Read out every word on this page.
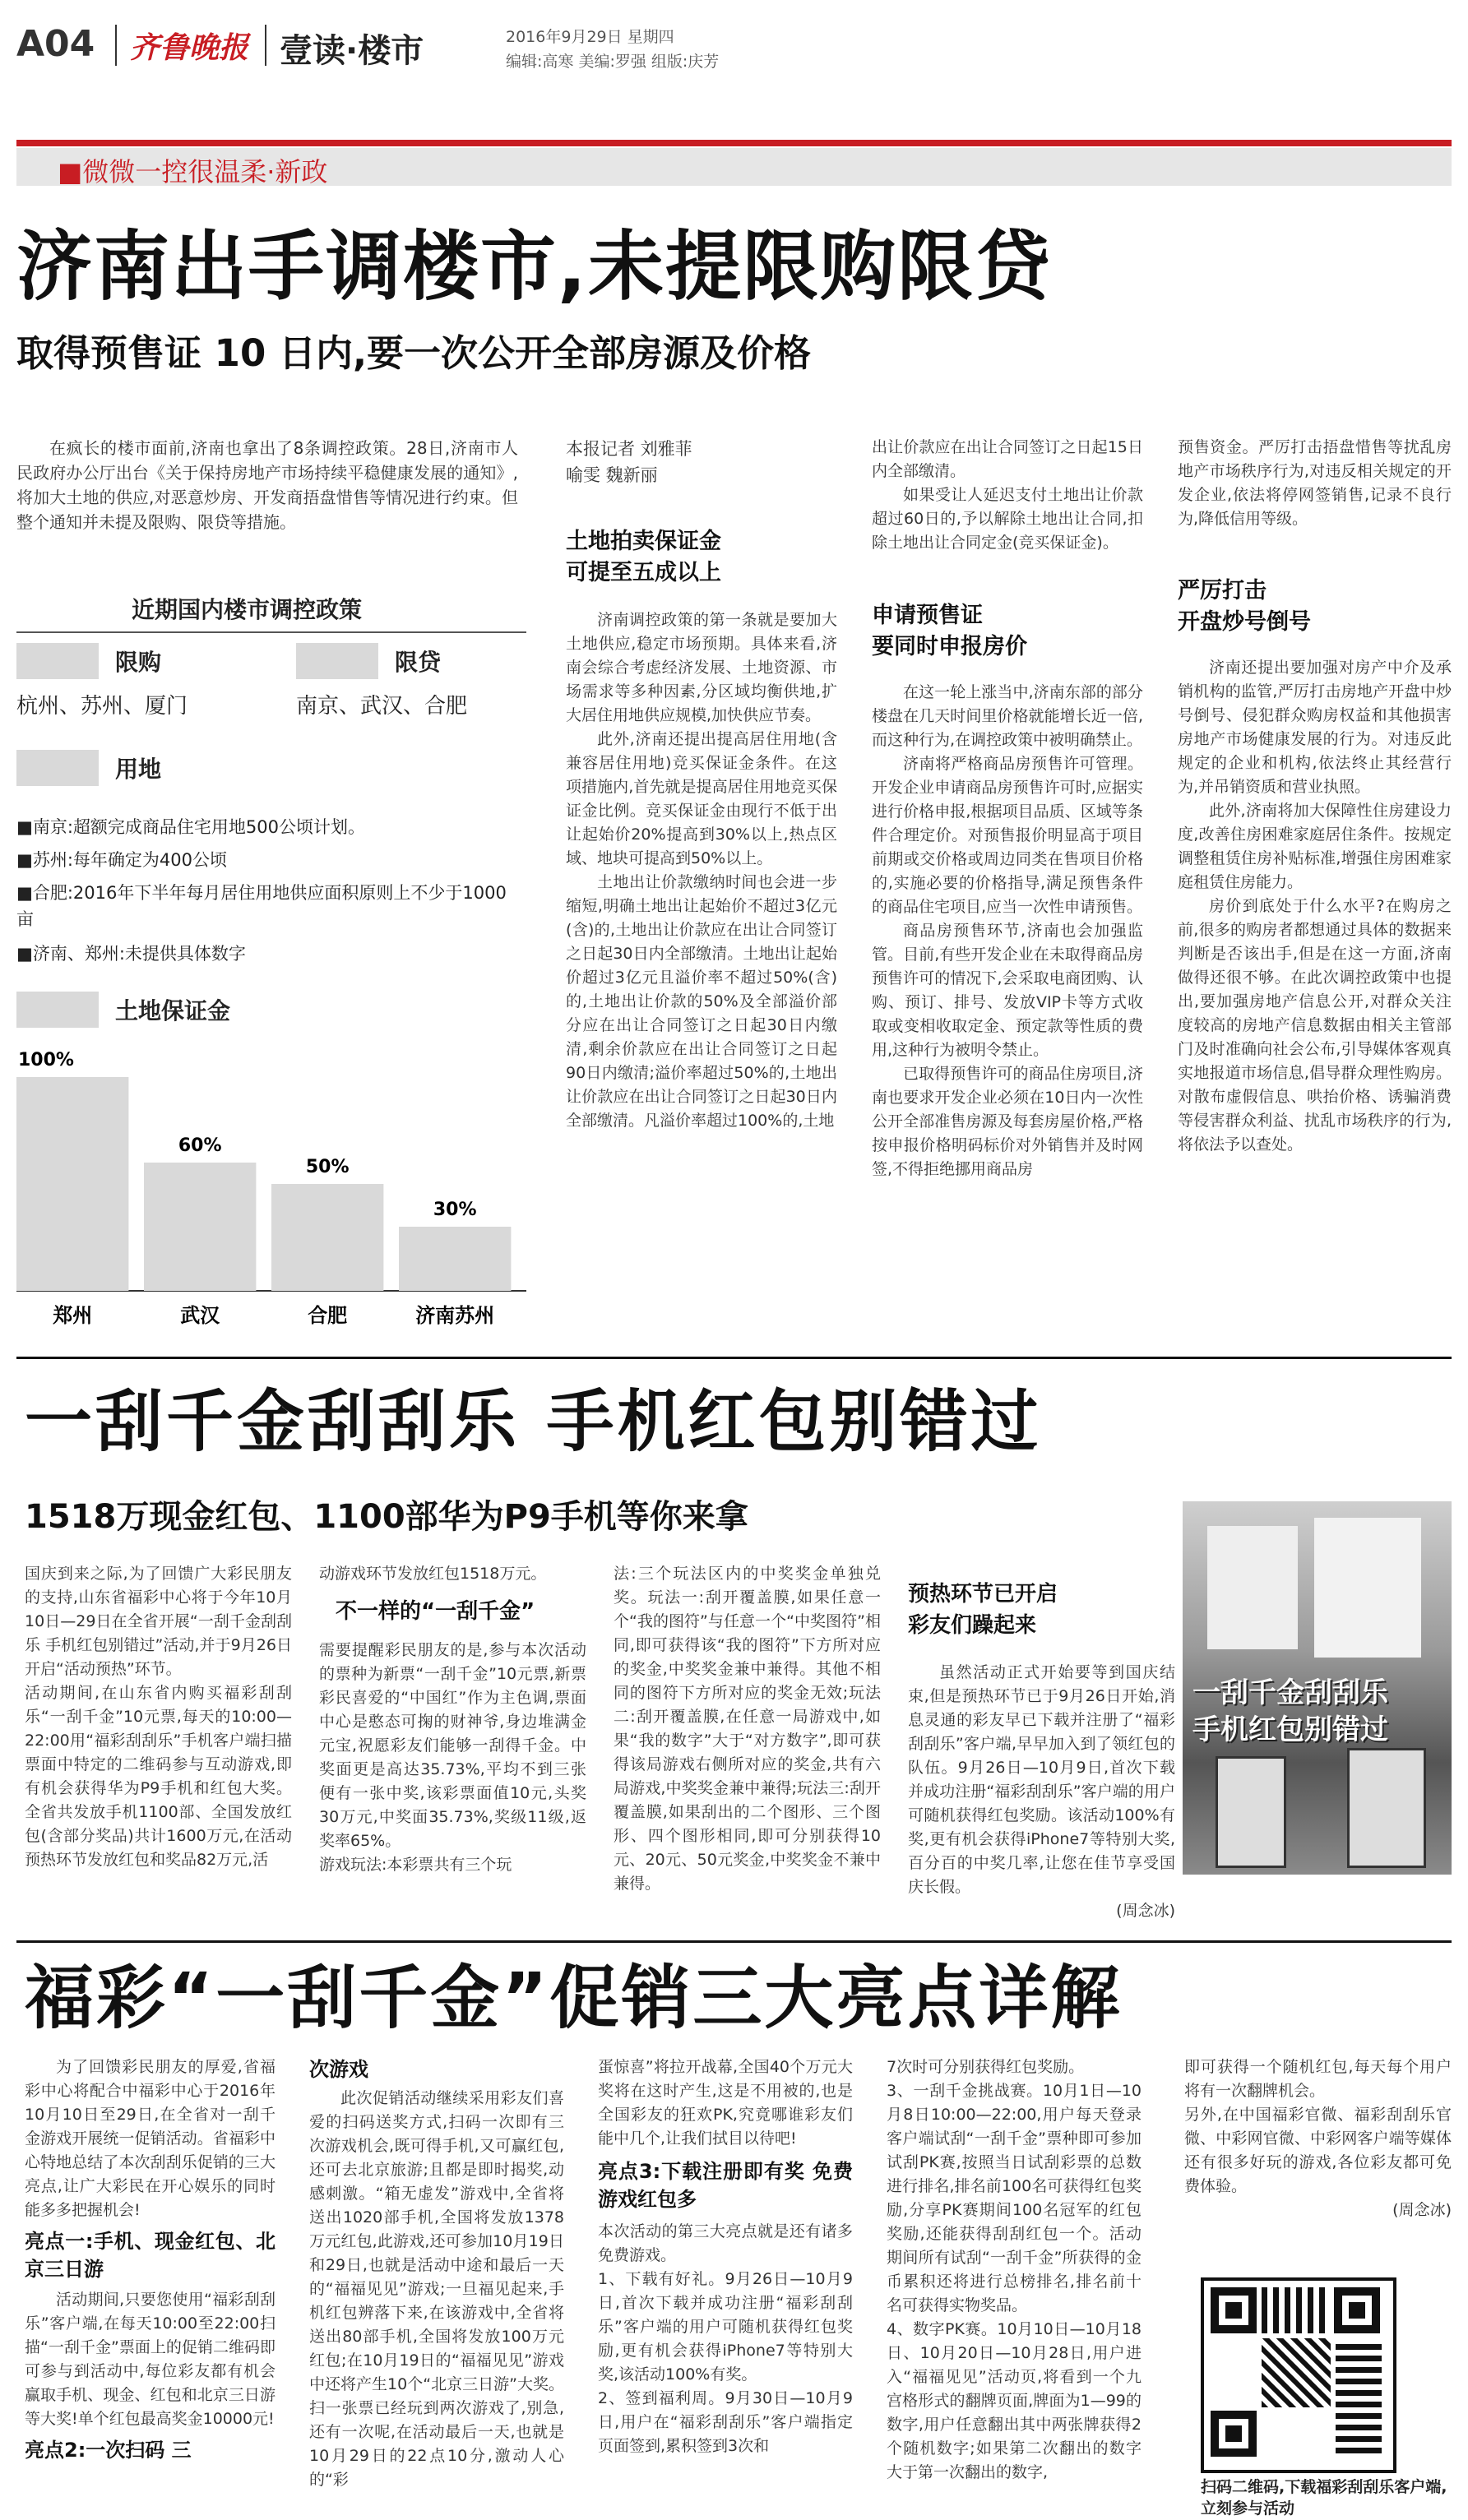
A04 齐鲁晚报 壹读·楼市	2016年9月29日 星期四
编辑:高寒 美编:罗强 组版:庆芳
■微微一控很温柔·新政
济南出手调楼市,未提限购限贷
取得预售证 10 日内,要一次公开全部房源及价格
在疯长的楼市面前,济南也拿出了8条调控政策。28日,济南市人民政府办公厅出台《关于保持房地产市场持续平稳健康发展的通知》,将加大土地的供应,对恶意炒房、开发商捂盘惜售等情况进行约束。但整个通知并未提及限购、限贷等措施。
近期国内楼市调控政策
限购
杭州、苏州、厦门
限贷
南京、武汉、合肥
用地
■南京:超额完成商品住宅用地500公顷计划。
■苏州:每年确定为400公顷
■合肥:2016年下半年每月居住用地供应面积原则上不少于1000亩
■济南、郑州:未提供具体数字
土地保证金
100%
郑州
60%
武汉
50%
合肥
30%
济南苏州
本报记者 刘雅菲
喻雯 魏新丽
土地拍卖保证金
可提至五成以上

济南调控政策的第一条就是要加大土地供应,稳定市场预期。具体来看,济南会综合考虑经济发展、土地资源、市场需求等多种因素,分区域均衡供地,扩大居住用地供应规模,加快供应节奏。

此外,济南还提出提高居住用地(含兼容居住用地)竞买保证金条件。在这项措施内,首先就是提高居住用地竞买保证金比例。竞买保证金由现行不低于出让起始价20%提高到30%以上,热点区域、地块可提高到50%以上。

土地出让价款缴纳时间也会进一步缩短,明确土地出让起始价不超过3亿元(含)的,土地出让价款应在出让合同签订之日起30日内全部缴清。土地出让起始价超过3亿元且溢价率不超过50%(含)的,土地出让价款的50%及全部溢价部分应在出让合同签订之日起30日内缴清,剩余价款应在出让合同签订之日起90日内缴清;溢价率超过50%的,土地出让价款应在出让合同签订之日起30日内全部缴清。凡溢价率超过100%的,土地

出让价款应在出让合同签订之日起15日内全部缴清。

如果受让人延迟支付土地出让价款超过60日的,予以解除土地出让合同,扣除土地出让合同定金(竞买保证金)。

申请预售证
要同时申报房价

在这一轮上涨当中,济南东部的部分楼盘在几天时间里价格就能增长近一倍,而这种行为,在调控政策中被明确禁止。

济南将严格商品房预售许可管理。开发企业申请商品房预售许可时,应据实进行价格申报,根据项目品质、区域等条件合理定价。对预售报价明显高于项目前期或交价格或周边同类在售项目价格的,实施必要的价格指导,满足预售条件的商品住宅项目,应当一次性申请预售。

商品房预售环节,济南也会加强监管。目前,有些开发企业在未取得商品房预售许可的情况下,会采取电商团购、认购、预订、排号、发放VIP卡等方式收取或变相收取定金、预定款等性质的费用,这种行为被明令禁止。

已取得预售许可的商品住房项目,济南也要求开发企业必须在10日内一次性公开全部准售房源及每套房屋价格,严格按申报价格明码标价对外销售并及时网签,不得拒绝挪用商品房

预售资金。严厉打击捂盘惜售等扰乱房地产市场秩序行为,对违反相关规定的开发企业,依法将停网签销售,记录不良行为,降低信用等级。

严厉打击
开盘炒号倒号

济南还提出要加强对房产中介及承销机构的监管,严厉打击房地产开盘中炒号倒号、侵犯群众购房权益和其他损害房地产市场健康发展的行为。对违反此规定的企业和机构,依法终止其经营行为,并吊销资质和营业执照。

此外,济南将加大保障性住房建设力度,改善住房困难家庭居住条件。按规定调整租赁住房补贴标准,增强住房困难家庭租赁住房能力。

房价到底处于什么水平?在购房之前,很多的购房者都想通过具体的数据来判断是否该出手,但是在这一方面,济南做得还很不够。在此次调控政策中也提出,要加强房地产信息公开,对群众关注度较高的房地产信息数据由相关主管部门及时准确向社会公布,引导媒体客观真实地报道市场信息,倡导群众理性购房。对散布虚假信息、哄抬价格、诱骗消费等侵害群众利益、扰乱市场秩序的行为,将依法予以查处。

一刮千金刮刮乐 手机红包别错过
1518万现金红包、1100部华为P9手机等你来拿
国庆到来之际,为了回馈广大彩民朋友的支持,山东省福彩中心将于今年10月10日—29日在全省开展“一刮千金刮刮乐 手机红包别错过”活动,并于9月26日开启“活动预热”环节。
活动期间,在山东省内购买福彩刮刮乐“一刮千金”10元票,每天的10:00—22:00用“福彩刮刮乐”手机客户端扫描票面中特定的二维码参与互动游戏,即有机会获得华为P9手机和红包大奖。全省共发放手机1100部、全国发放红包(含部分奖品)共计1600万元,在活动预热环节发放红包和奖品82万元,活

动游戏环节发放红包1518万元。

不一样的“一刮千金”

需要提醒彩民朋友的是,参与本次活动的票种为新票“一刮千金”10元票,新票彩民喜爱的“中国红”作为主色调,票面中心是憨态可掬的财神爷,身边堆满金元宝,祝愿彩友们能够一刮得千金。中奖面更是高达35.73%,平均不到三张便有一张中奖,该彩票面值10元,头奖30万元,中奖面35.73%,奖级11级,返奖率65%。
游戏玩法:本彩票共有三个玩

法:三个玩法区内的中奖奖金单独兑奖。玩法一:刮开覆盖膜,如果任意一个“我的图符”与任意一个“中奖图符”相同,即可获得该“我的图符”下方所对应的奖金,中奖奖金兼中兼得。其他不相同的图符下方所对应的奖金无效;玩法二:刮开覆盖膜,在任意一局游戏中,如果“我的数字”大于“对方数字”,即可获得该局游戏右侧所对应的奖金,共有六局游戏,中奖奖金兼中兼得;玩法三:刮开覆盖膜,如果刮出的二个图形、三个图形、四个图形相同,即可分别获得10元、20元、50元奖金,中奖奖金不兼中兼得。
预热环节已开启
彩友们躁起来

虽然活动正式开始要等到国庆结束,但是预热环节已于9月26日开始,消息灵通的彩友早已下载并注册了“福彩刮刮乐”客户端,早早加入到了领红包的队伍。9月26日—10月9日,首次下载并成功注册“福彩刮刮乐”客户端的用户可随机获得红包奖励。该活动100%有奖,更有机会获得iPhone7等特别大奖,百分百的中奖几率,让您在佳节享受国庆长假。

(周念冰)

一刮千金刮刮乐
手机红包别错过
福彩“一刮千金”促销三大亮点详解

为了回馈彩民朋友的厚爱,省福彩中心将配合中福彩中心于2016年10月10日至29日,在全省对一刮千金游戏开展统一促销活动。省福彩中心特地总结了本次刮刮乐促销的三大亮点,让广大彩民在开心娱乐的同时能多多把握机会!

亮点一:手机、现金红包、北京三日游

活动期间,只要您使用“福彩刮刮乐”客户端,在每天10:00至22:00扫描“一刮千金”票面上的促销二维码即可参与到活动中,每位彩友都有机会赢取手机、现金、红包和北京三日游等大奖!单个红包最高奖金10000元!

亮点2:一次扫码 三

次游戏

此次促销活动继续采用彩友们喜爱的扫码送奖方式,扫码一次即有三次游戏机会,既可得手机,又可赢红包,还可去北京旅游;且都是即时揭奖,动感刺激。“箱无虚发”游戏中,全省将送出1020部手机,全国将发放1378万元红包,此游戏,还可参加10月19日和29日,也就是活动中途和最后一天的“福福见见”游戏;一旦福见起来,手机红包辨落下来,在该游戏中,全省将送出80部手机,全国将发放100万元红包;在10月19日的“福福见见”游戏中还将产生10个“北京三日游”大奖。扫一张票已经玩到两次游戏了,别急,还有一次呢,在活动最后一天,也就是10月29日的22点10分,激动人心的“彩

蛋惊喜”将拉开战幕,全国40个万元大奖将在这时产生,这是不用被的,也是全国彩友的狂欢PK,究竟哪谁彩友们能中几个,让我们拭目以待吧!

亮点3:下载注册即有奖 免费游戏红包多

本次活动的第三大亮点就是还有诸多免费游戏。
1、下载有好礼。9月26日—10月9日,首次下载并成功注册“福彩刮刮乐”客户端的用户可随机获得红包奖励,更有机会获得iPhone7等特别大奖,该活动100%有奖。
2、签到福利周。9月30日—10月9日,用户在“福彩刮刮乐”客户端指定页面签到,累积签到3次和

7次时可分别获得红包奖励。
3、一刮千金挑战赛。10月1日—10月8日10:00—22:00,用户每天登录客户端试刮“一刮千金”票种即可参加试刮PK赛,按照当日试刮彩票的总数进行排名,排名前100名可获得红包奖励,分享PK赛期间100名冠军的红包奖励,还能获得刮刮红包一个。活动期间所有试刮“一刮千金”所获得的金币累积还将进行总榜排名,排名前十名可获得实物奖品。
4、数字PK赛。10月10日—10月18日、10月20日—10月28日,用户进入“福福见见”活动页,将看到一个九宫格形式的翻牌页面,牌面为1—99的数字,用户任意翻出其中两张牌获得2个随机数字;如果第二次翻出的数字大于第一次翻出的数字,

即可获得一个随机红包,每天每个用户将有一次翻牌机会。
另外,在中国福彩官微、福彩刮刮乐官微、中彩网官微、中彩网客户端等媒体还有很多好玩的游戏,各位彩友都可免费体验。

(周念冰)

扫码二维码,下载福彩刮刮乐客户端,立刻参与活动
